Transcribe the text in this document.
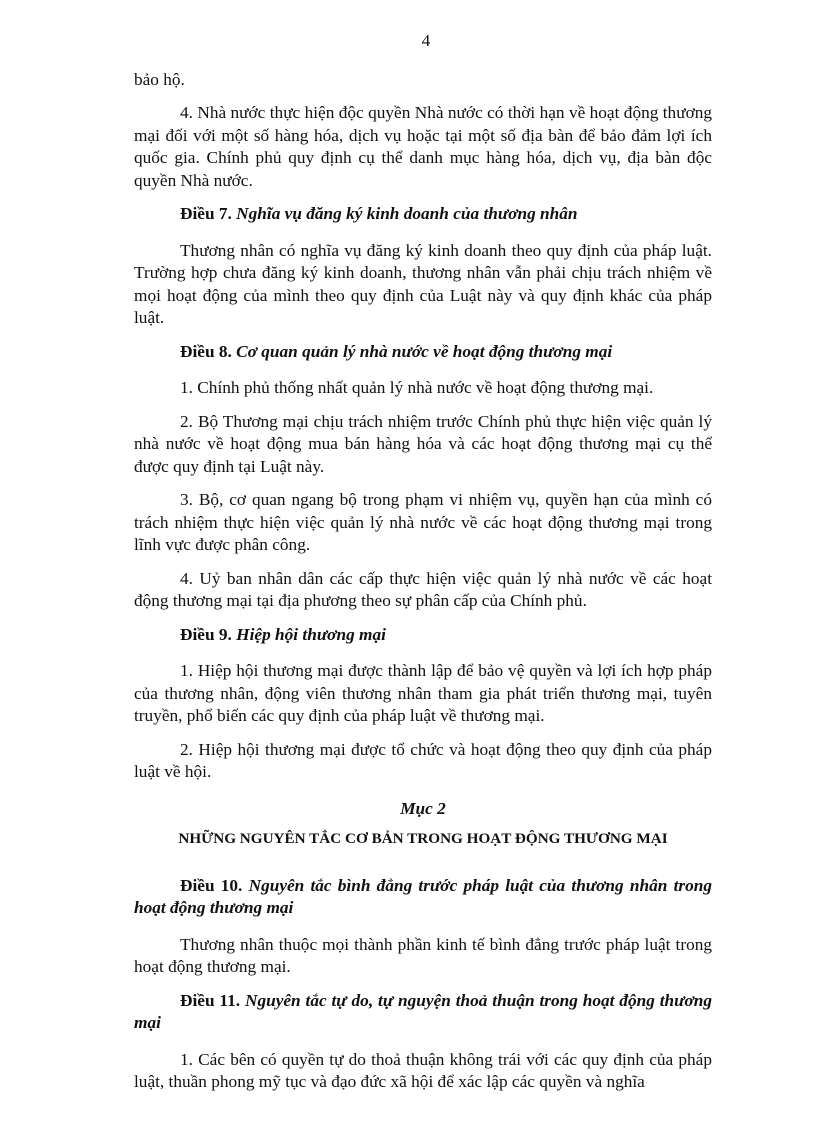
4

bảo hộ.

4. Nhà nước thực hiện độc quyền Nhà nước có thời hạn về hoạt động thương mại đối với một số hàng hóa, dịch vụ hoặc tại một số địa bàn để bảo đảm lợi ích quốc gia. Chính phủ quy định cụ thể danh mục hàng hóa, dịch vụ, địa bàn độc quyền Nhà nước.

Điều 7. Nghĩa vụ đăng ký kinh doanh của thương nhân

Thương nhân có nghĩa vụ đăng ký kinh doanh theo quy định của pháp luật. Trường hợp chưa đăng ký kinh doanh, thương nhân vẫn phải chịu trách nhiệm về mọi hoạt động của mình theo quy định của Luật này và quy định khác của pháp luật.

Điều 8. Cơ quan quản lý nhà nước về hoạt động thương mại

1. Chính phủ thống nhất quản lý nhà nước về hoạt động thương mại.

2. Bộ Thương mại chịu trách nhiệm trước Chính phủ thực hiện việc quản lý nhà nước về hoạt động mua bán hàng hóa và các hoạt động thương mại cụ thể được quy định tại Luật này.

3. Bộ, cơ quan ngang bộ trong phạm vi nhiệm vụ, quyền hạn của mình có trách nhiệm thực hiện việc quản lý nhà nước về các hoạt động thương mại trong lĩnh vực được phân công.

4. Uỷ ban nhân dân các cấp thực hiện việc quản lý nhà nước về các hoạt động thương mại tại địa phương theo sự phân cấp của Chính phủ.

Điều 9. Hiệp hội thương mại

1. Hiệp hội thương mại được thành lập để bảo vệ quyền và lợi ích hợp pháp của thương nhân, động viên thương nhân tham gia phát triển thương mại, tuyên truyền, phổ biến các quy định của pháp luật về thương mại.

2. Hiệp hội thương mại được tổ chức và hoạt động theo quy định của pháp luật về hội.

Mục 2
NHỮNG NGUYÊN TẮC CƠ BẢN TRONG HOẠT ĐỘNG THƯƠNG MẠI

Điều 10. Nguyên tắc bình đẳng trước pháp luật của thương nhân trong hoạt động thương mại

Thương nhân thuộc mọi thành phần kinh tế bình đẳng trước pháp luật trong hoạt động thương mại.

Điều 11. Nguyên tắc tự do, tự nguyện thoả thuận trong hoạt động thương mại

1. Các bên có quyền tự do thoả thuận không trái với các quy định của pháp luật, thuần phong mỹ tục và đạo đức xã hội để xác lập các quyền và nghĩa
